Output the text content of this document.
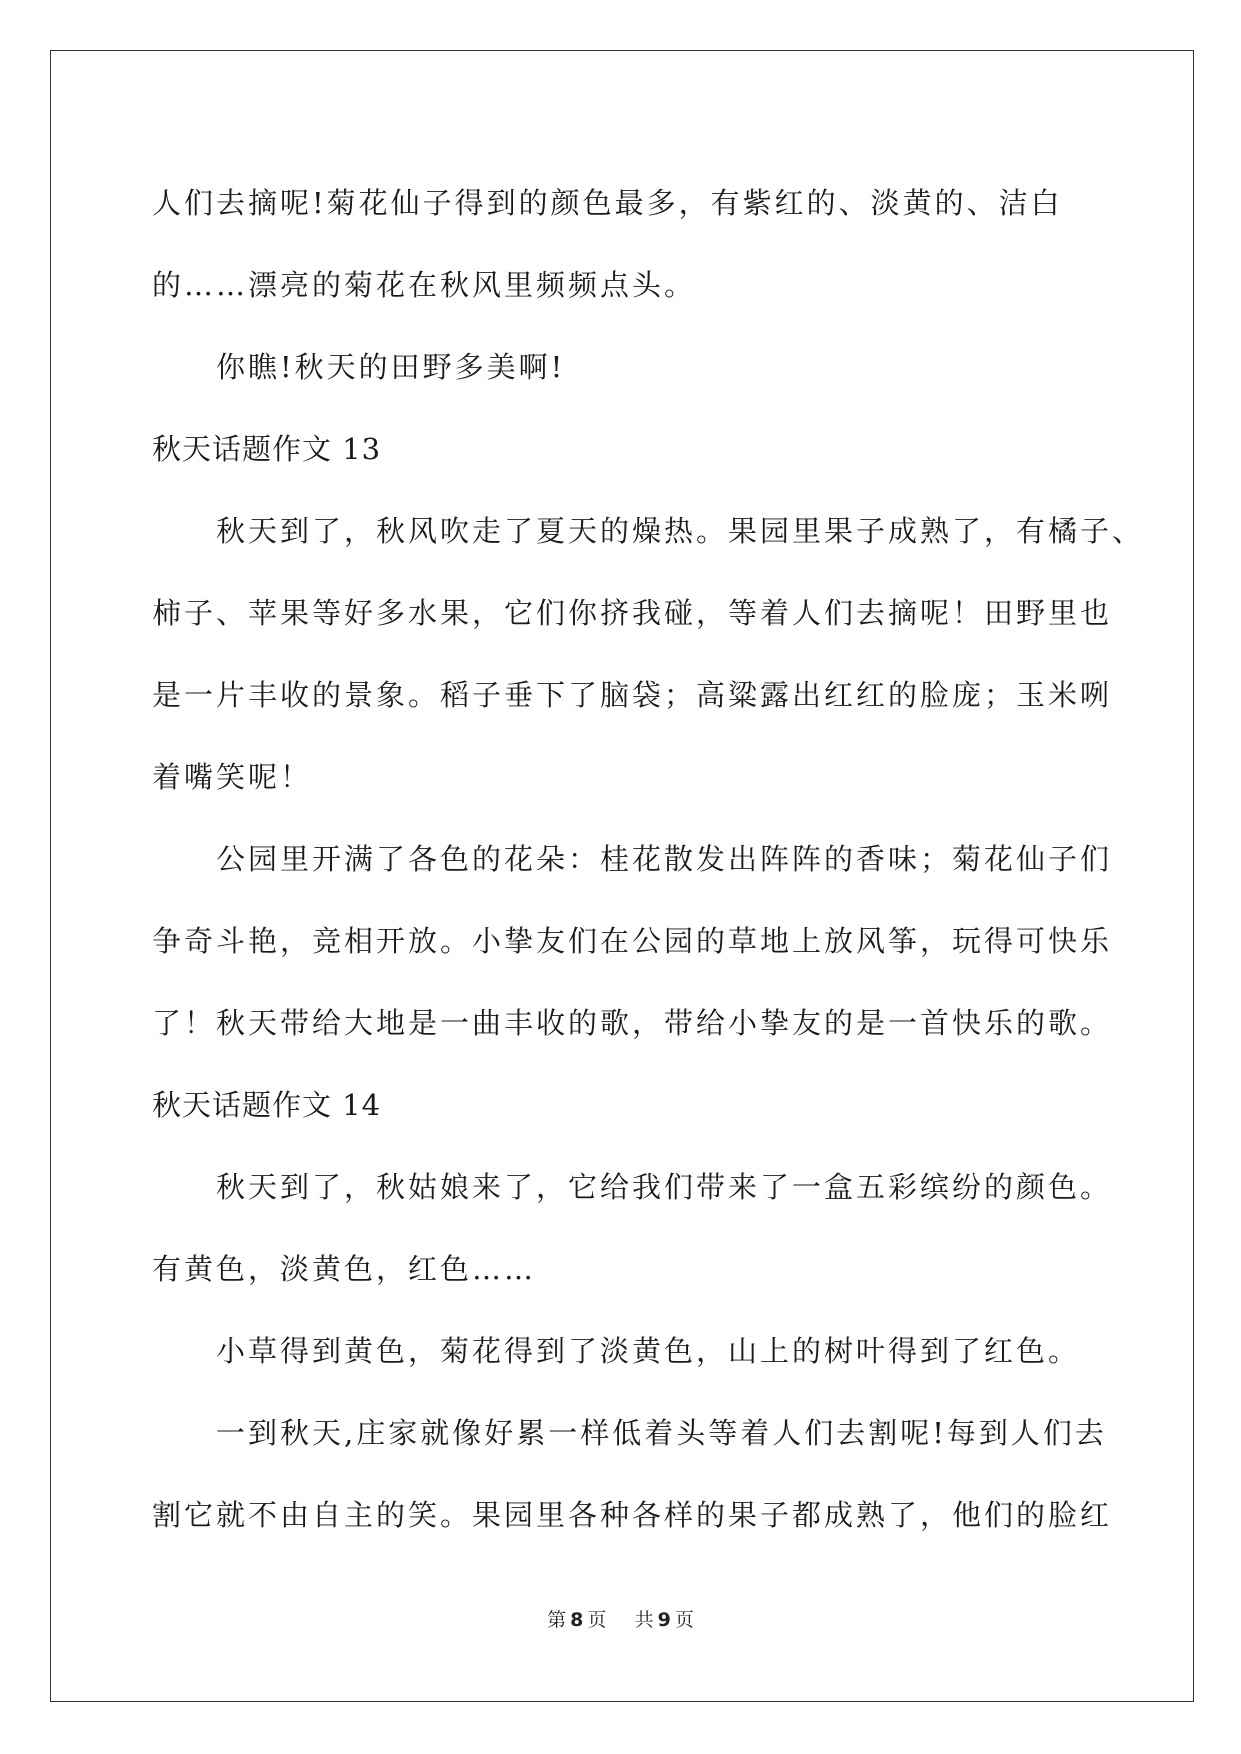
人们去摘呢!菊花仙子得到的颜色最多，有紫红的、淡黄的、洁白
的……漂亮的菊花在秋风里频频点头。
你瞧!秋天的田野多美啊!
秋天话题作文 13
秋天到了，秋风吹走了夏天的燥热。果园里果子成熟了，有橘子、
柿子、苹果等好多水果，它们你挤我碰，等着人们去摘呢！田野里也
是一片丰收的景象。稻子垂下了脑袋；高粱露出红红的脸庞；玉米咧
着嘴笑呢！
公园里开满了各色的花朵：桂花散发出阵阵的香味；菊花仙子们
争奇斗艳，竞相开放。小挚友们在公园的草地上放风筝，玩得可快乐
了！秋天带给大地是一曲丰收的歌，带给小挚友的是一首快乐的歌。
秋天话题作文 14
秋天到了，秋姑娘来了，它给我们带来了一盒五彩缤纷的颜色。
有黄色，淡黄色，红色……
小草得到黄色，菊花得到了淡黄色，山上的树叶得到了红色。
一到秋天,庄家就像好累一样低着头等着人们去割呢!每到人们去
割它就不由自主的笑。果园里各种各样的果子都成熟了，他们的脸红
第 8 页 共 9 页
